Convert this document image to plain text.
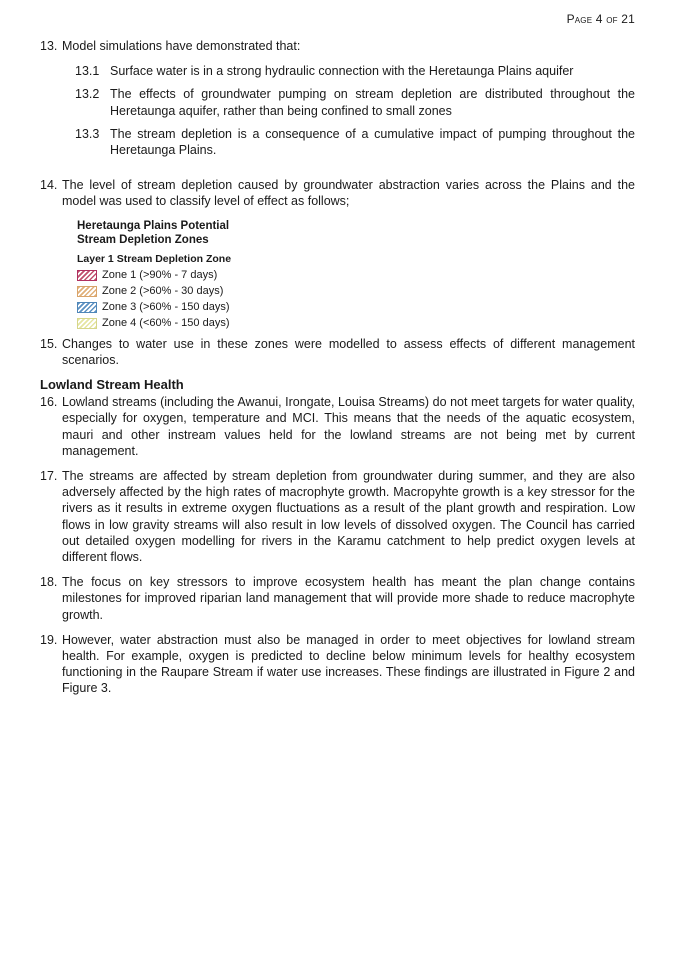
Page 4 of 21
13. Model simulations have demonstrated that:
13.1 Surface water is in a strong hydraulic connection with the Heretaunga Plains aquifer
13.2 The effects of groundwater pumping on stream depletion are distributed throughout the Heretaunga aquifer, rather than being confined to small zones
13.3 The stream depletion is a consequence of a cumulative impact of pumping throughout the Heretaunga Plains.
14. The level of stream depletion caused by groundwater abstraction varies across the Plains and the model was used to classify level of effect as follows;
Heretaunga Plains Potential Stream Depletion Zones
Layer 1 Stream Depletion Zone
Zone 1 (>90% - 7 days)
Zone 2 (>60% - 30 days)
Zone 3 (>60% - 150 days)
Zone 4 (<60% - 150 days)
15. Changes to water use in these zones were modelled to assess effects of different management scenarios.
Lowland Stream Health
16. Lowland streams (including the Awanui, Irongate, Louisa Streams) do not meet targets for water quality, especially for oxygen, temperature and MCI. This means that the needs of the aquatic ecosystem, mauri and other instream values held for the lowland streams are not being met by current management.
17. The streams are affected by stream depletion from groundwater during summer, and they are also adversely affected by the high rates of macrophyte growth. Macropyhte growth is a key stressor for the rivers as it results in extreme oxygen fluctuations as a result of the plant growth and respiration. Low flows in low gravity streams will also result in low levels of dissolved oxygen. The Council has carried out detailed oxygen modelling for rivers in the Karamu catchment to help predict oxygen levels at different flows.
18. The focus on key stressors to improve ecosystem health has meant the plan change contains milestones for improved riparian land management that will provide more shade to reduce macrophyte growth.
19. However, water abstraction must also be managed in order to meet objectives for lowland stream health. For example, oxygen is predicted to decline below minimum levels for healthy ecosystem functioning in the Raupare Stream if water use increases. These findings are illustrated in Figure 2 and Figure 3.
